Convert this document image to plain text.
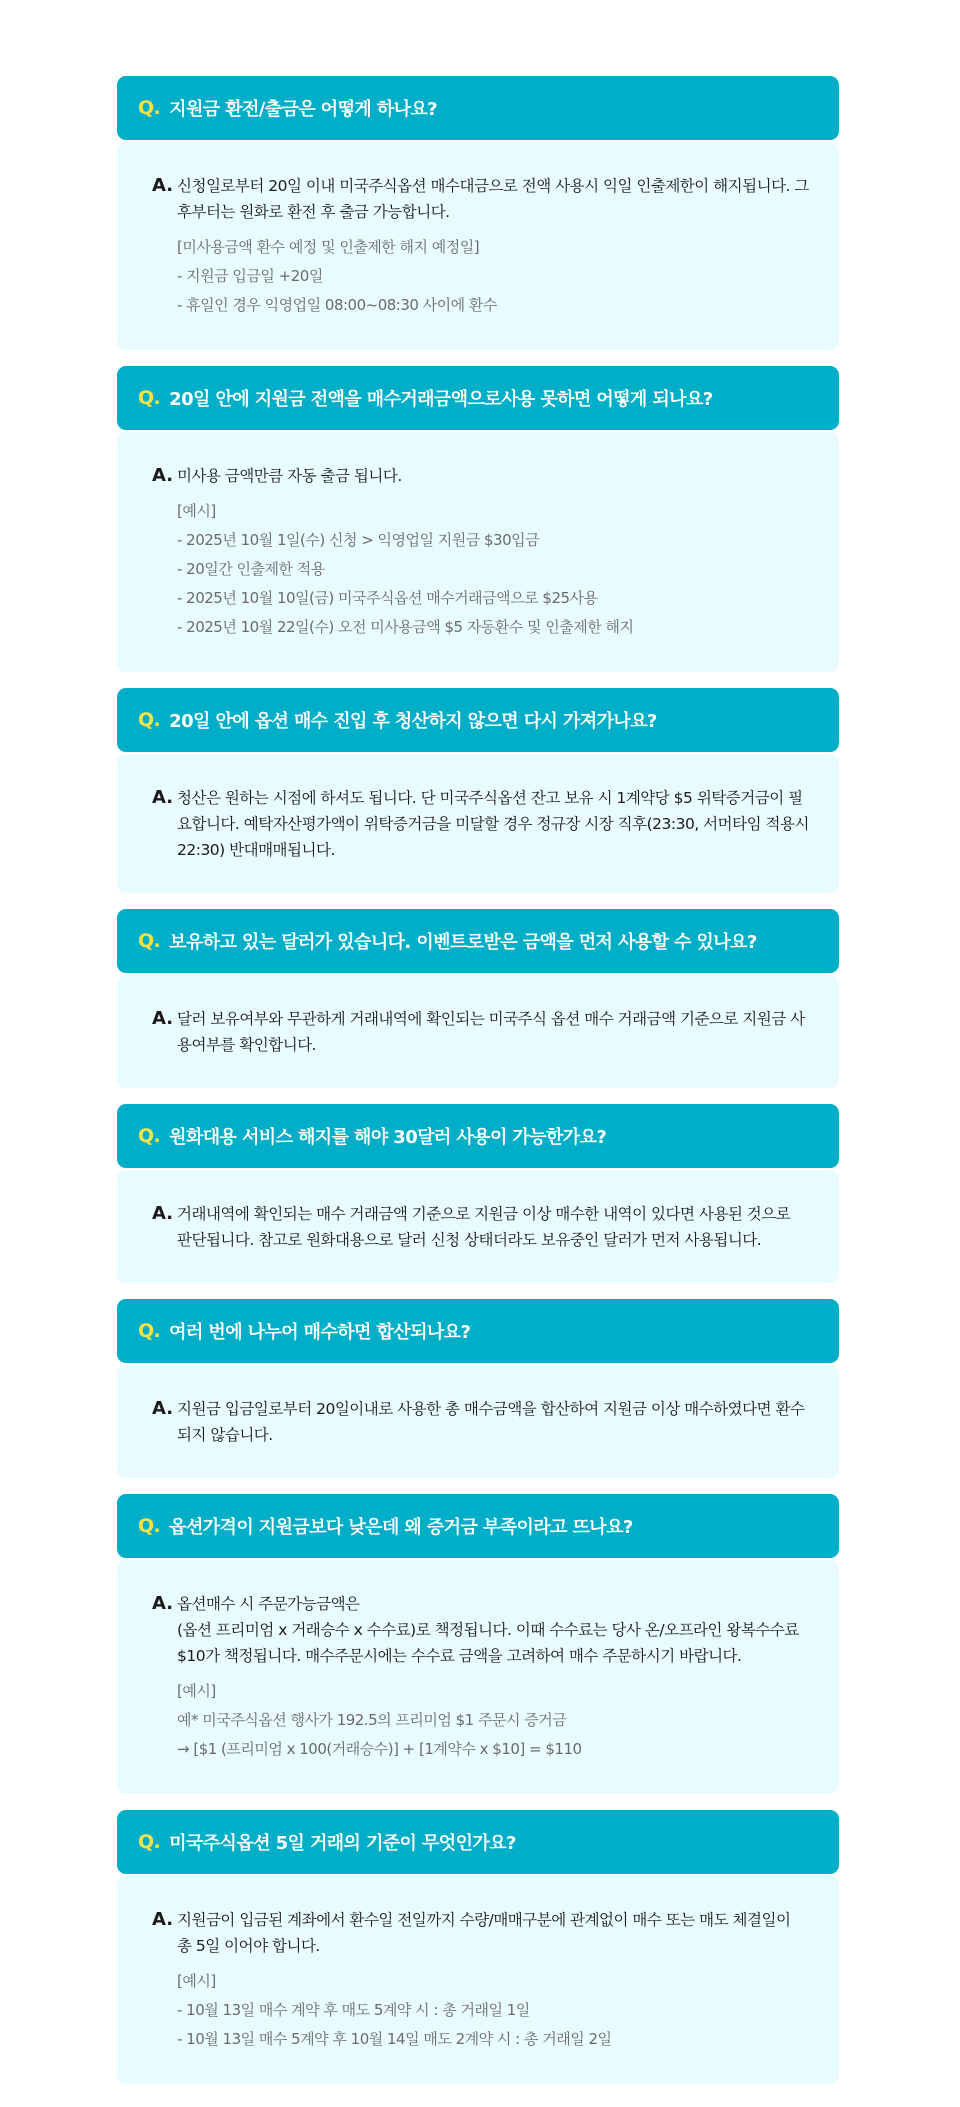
Q. 지원금 환전/출금은 어떻게 하나요?
A. 신청일로부터 20일 이내 미국주식옵션 매수대금으로 전액 사용시 익일 인출제한이 해지됩니다. 그 후부터는 원화로 환전 후 출금 가능합니다.

[미사용금액 환수 예정 및 인출제한 해지 예정일]
- 지원금 입금일 +20일
- 휴일인 경우 익영업일 08:00~08:30 사이에 환수
Q. 20일 안에 지원금 전액을 매수거래금액으로사용 못하면 어떻게 되나요?
A. 미사용 금액만큼 자동 출금 됩니다.

[예시]
- 2025년 10월 1일(수) 신청 > 익영업일 지원금 $30입금
- 20일간 인출제한 적용
- 2025년 10월 10일(금) 미국주식옵션 매수거래금액으로 $25사용
- 2025년 10월 22일(수) 오전 미사용금액 $5 자동환수 및 인출제한 해지
Q. 20일 안에 옵션 매수 진입 후 청산하지 않으면 다시 가져가나요?
A. 청산은 원하는 시점에 하셔도 됩니다. 단 미국주식옵션 잔고 보유 시 1계약당 $5 위탁증거금이 필요합니다. 예탁자산평가액이 위탁증거금을 미달할 경우 정규장 시장 직후(23:30, 서머타임 적용시 22:30) 반대매매됩니다.

Q. 보유하고 있는 달러가 있습니다. 이벤트로받은 금액을 먼저 사용할 수 있나요?
A. 달러 보유여부와 무관하게 거래내역에 확인되는 미국주식 옵션 매수 거래금액 기준으로 지원금 사용여부를 확인합니다.

Q. 원화대용 서비스 해지를 해야 30달러 사용이 가능한가요?
A. 거래내역에 확인되는 매수 거래금액 기준으로 지원금 이상 매수한 내역이 있다면 사용된 것으로 판단됩니다. 참고로 원화대용으로 달러 신청 상태더라도 보유중인 달러가 먼저 사용됩니다.

Q. 여러 번에 나누어 매수하면 합산되나요?
A. 지원금 입금일로부터 20일이내로 사용한 총 매수금액을 합산하여 지원금 이상 매수하였다면 환수되지 않습니다.

Q. 옵션가격이 지원금보다 낮은데 왜 증거금 부족이라고 뜨나요?
A. 옵션매수 시 주문가능금액은
(옵션 프리미엄 x 거래승수 x 수수료)로 책정됩니다. 이때 수수료는 당사 온/오프라인 왕복수수료 $10가 책정됩니다. 매수주문시에는 수수료 금액을 고려하여 매수 주문하시기 바랍니다.

[예시]
예* 미국주식옵션 행사가 192.5의 프리미엄 $1 주문시 증거금
→ [$1 (프리미엄 x 100(거래승수)] + [1계약수 x $10] = $110
Q. 미국주식옵션 5일 거래의 기준이 무엇인가요?
A. 지원금이 입금된 계좌에서 환수일 전일까지 수량/매매구분에 관계없이 매수 또는 매도 체결일이 총 5일 이어야 합니다.

[예시]
- 10월 13일 매수 계약 후 매도 5계약 시 : 총 거래일 1일
- 10월 13일 매수 5계약 후 10월 14일 매도 2계약 시 : 총 거래일 2일
